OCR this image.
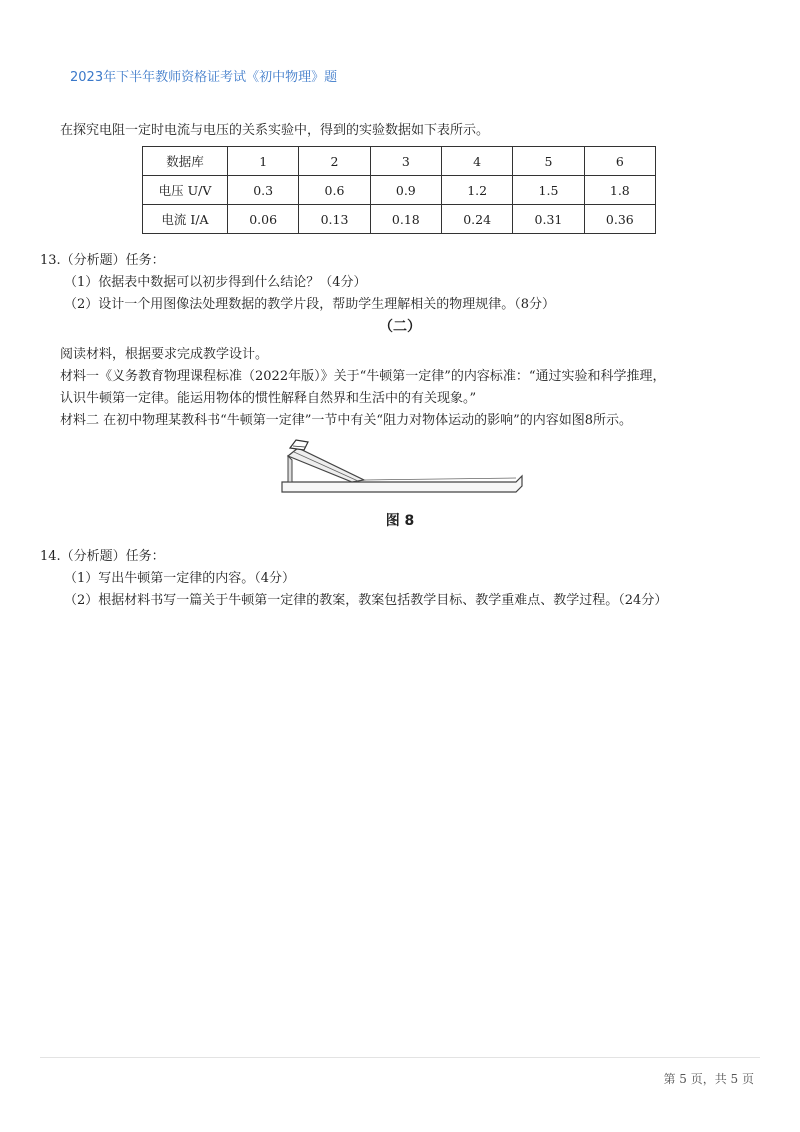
2023年下半年教师资格证考试《初中物理》题
在探究电阻一定时电流与电压的关系实验中，得到的实验数据如下表所示。
数据库	1	2	3	4	5	6
电压 U/V	0.3	0.6	0.9	1.2	1.5	1.8
电流 I/A	0.06	0.13	0.18	0.24	0.31	0.36
13.（分析题）任务：
（1）依据表中数据可以初步得到什么结论？（4分）
（2）设计一个用图像法处理数据的教学片段，帮助学生理解相关的物理规律。（8分）
（二）
阅读材料，根据要求完成教学设计。
材料一《义务教育物理课程标准（2022年版）》关于“牛顿第一定律”的内容标准：“通过实验和科学推理，
认识牛顿第一定律。能运用物体的惯性解释自然界和生活中的有关现象。”
材料二 在初中物理某教科书“牛顿第一定律”一节中有关“阻力对物体运动的影响”的内容如图8所示。
图 8
14.（分析题）任务：
（1）写出牛顿第一定律的内容。（4分）
（2）根据材料书写一篇关于牛顿第一定律的教案，教案包括教学目标、教学重难点、教学过程。（24分）
第 5 页，共 5 页
